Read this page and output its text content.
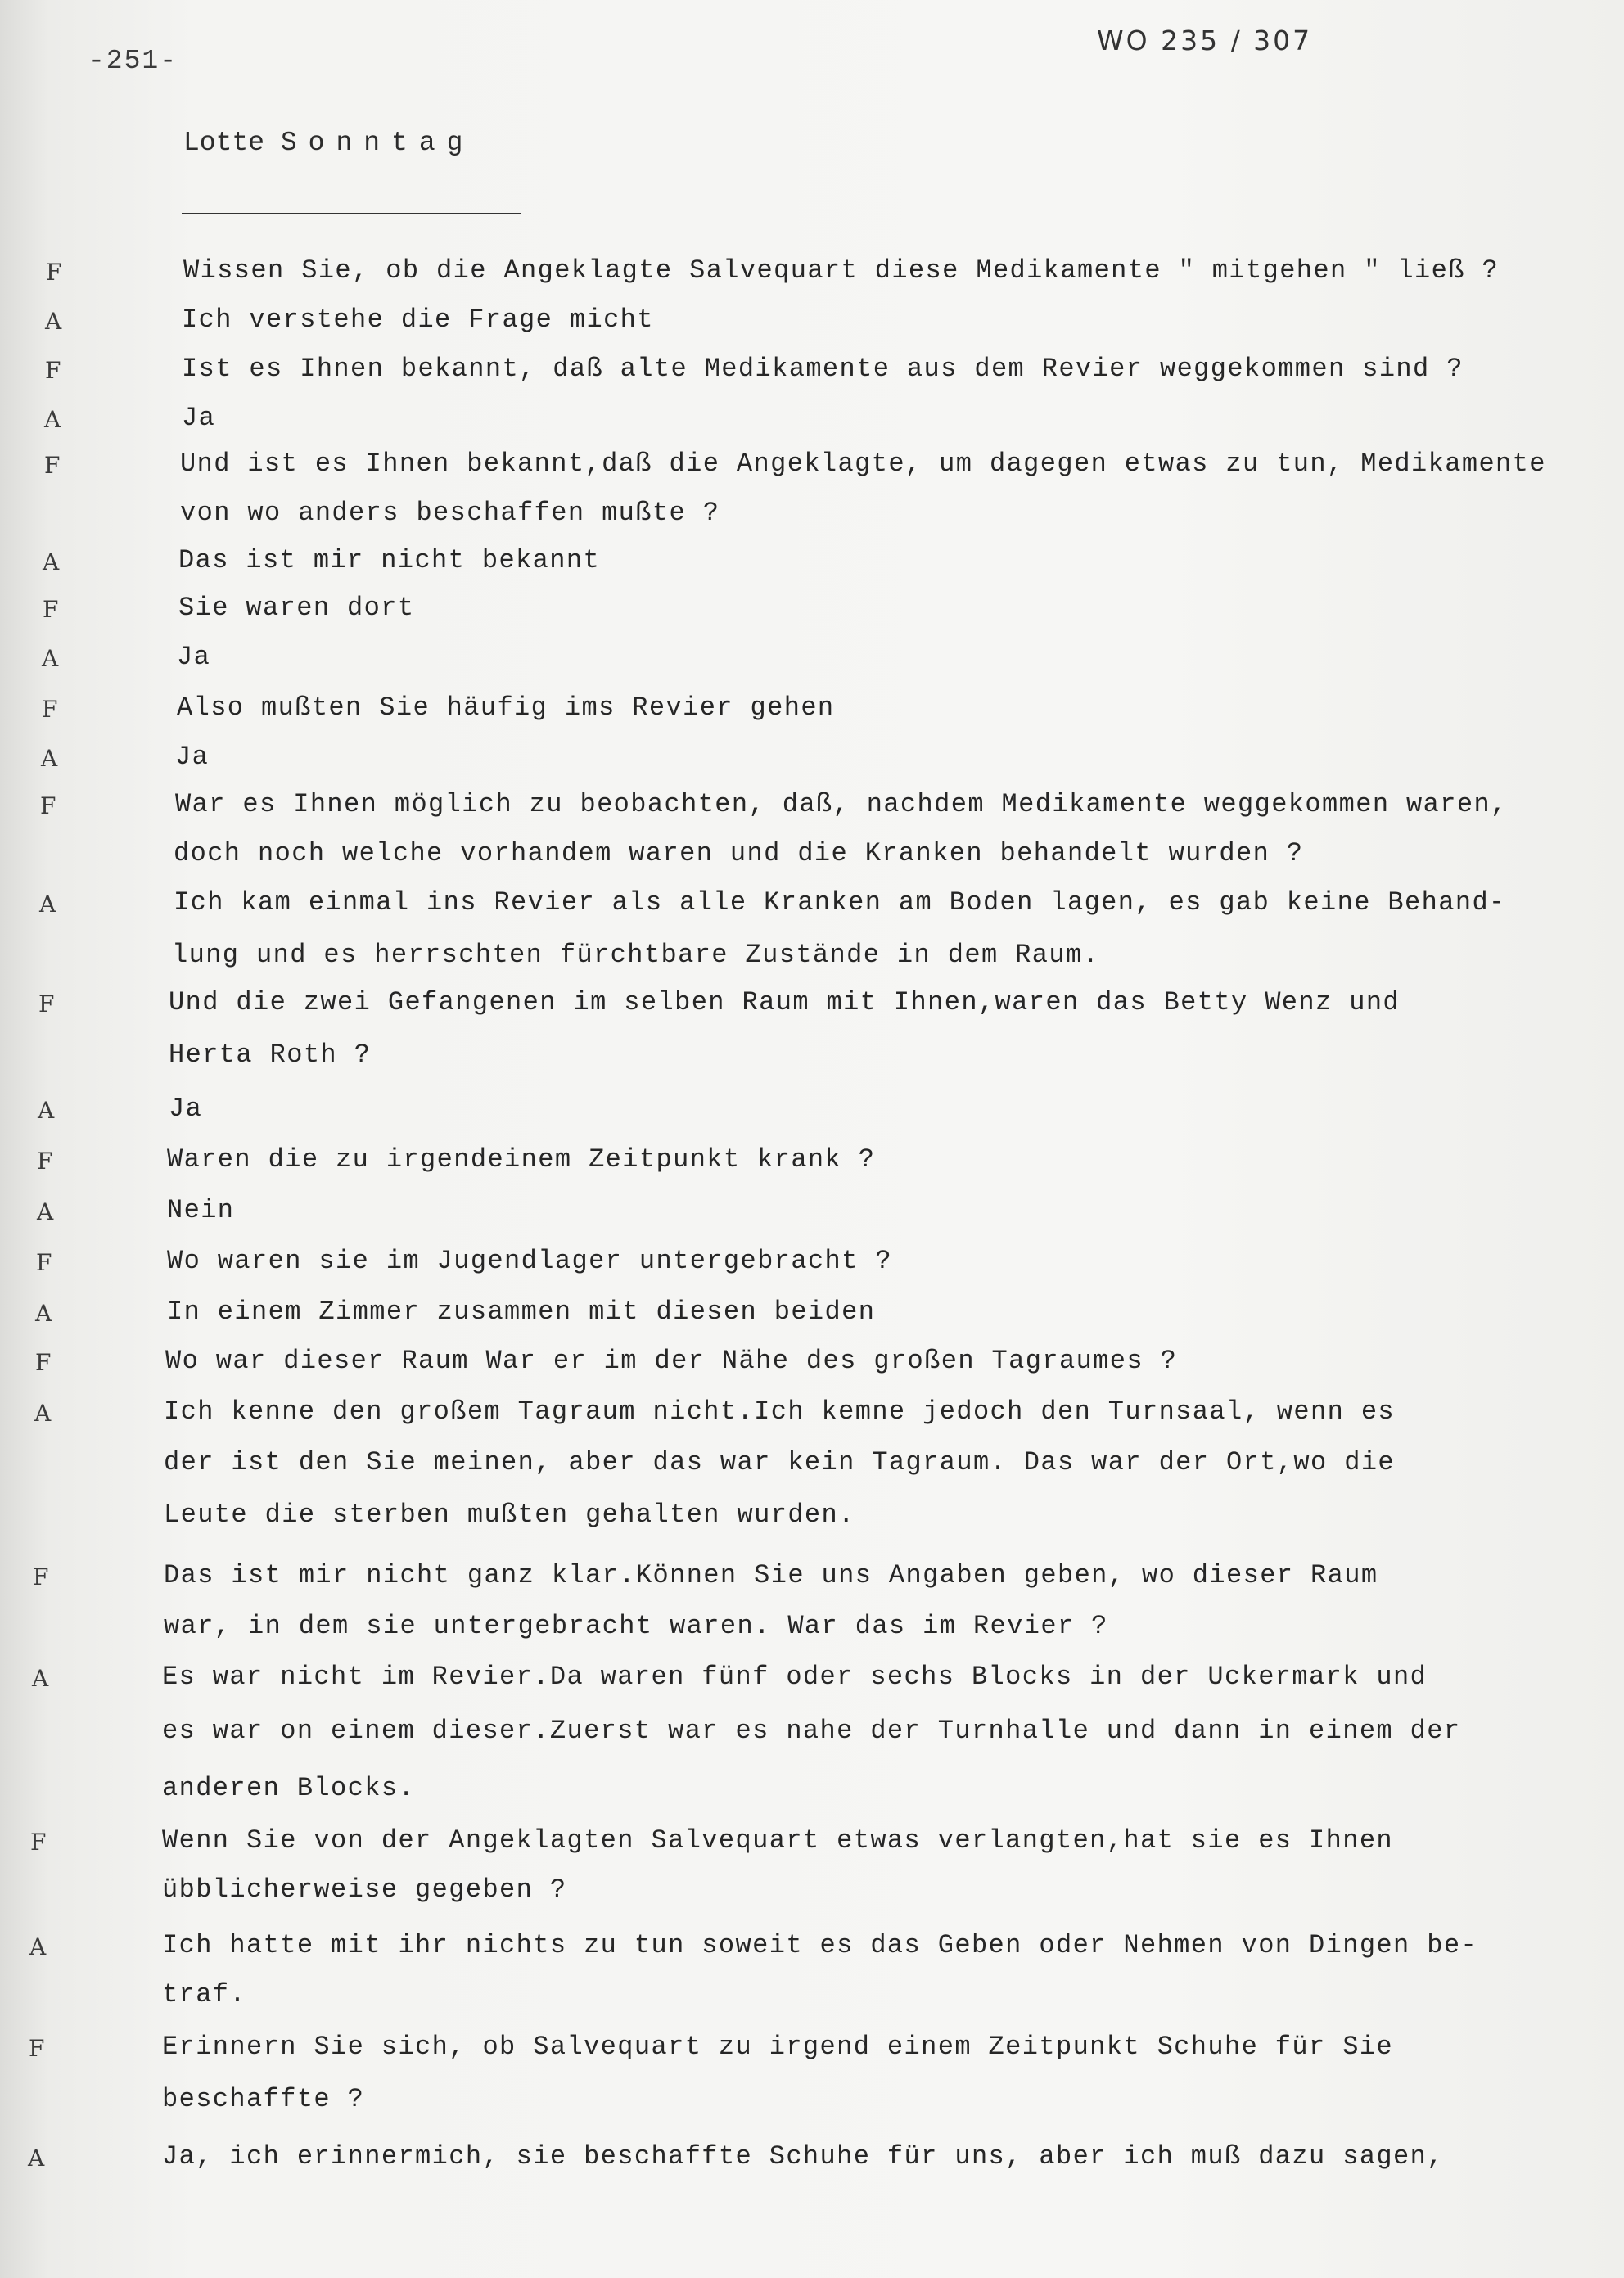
-251-
WO 235 / 307
Lotte Sonntag
F	Wissen Sie, ob die Angeklagte Salvequart diese Medikamente " mitgehen " ließ ?
A	Ich verstehe die Frage micht
F	Ist es Ihnen bekannt, daß alte Medikamente aus dem Revier weggekommen sind ?
A	Ja
F	Und ist es Ihnen bekannt,daß die Angeklagte, um dagegen etwas zu tun, Medikamente
von wo anders beschaffen mußte ?
A	Das ist mir nicht bekannt
F	Sie waren dort
A	Ja
F	Also mußten Sie häufig ims Revier gehen
A	Ja
F	War es Ihnen möglich zu beobachten, daß, nachdem Medikamente weggekommen waren,
doch noch welche vorhandem waren und die Kranken behandelt wurden ?
A	Ich kam einmal ins Revier als alle Kranken am Boden lagen, es gab keine Behand-
lung und es herrschten fürchtbare Zustände in dem Raum.
F	Und die zwei Gefangenen im selben Raum mit Ihnen,waren das Betty Wenz und
Herta Roth ?
A	Ja
F	Waren die zu irgendeinem Zeitpunkt krank ?
A	Nein
F	Wo waren sie im Jugendlager untergebracht ?
A	In einem Zimmer zusammen mit diesen beiden
F	Wo war dieser Raum War er im der Nähe des großen Tagraumes ?
A	Ich kenne den großem Tagraum nicht.Ich kemne jedoch den Turnsaal, wenn es
der ist den Sie meinen, aber das war kein Tagraum. Das war der Ort,wo die
Leute die sterben mußten gehalten wurden.
F	Das ist mir nicht ganz klar.Können Sie uns Angaben geben, wo dieser Raum
war, in dem sie untergebracht waren. War das im Revier ?
A	Es war nicht im Revier.Da waren fünf oder sechs Blocks in der Uckermark und
es war on einem dieser.Zuerst war es nahe der Turnhalle und dann in einem der
anderen Blocks.
F	Wenn Sie von der Angeklagten Salvequart etwas verlangten,hat sie es Ihnen
übblicherweise gegeben ?
A	Ich hatte mit ihr nichts zu tun soweit es das Geben oder Nehmen von Dingen be-
traf.
F	Erinnern Sie sich, ob Salvequart zu irgend einem Zeitpunkt Schuhe für Sie
beschaffte ?
A	Ja, ich erinnermich, sie beschaffte Schuhe für uns, aber ich muß dazu sagen,
